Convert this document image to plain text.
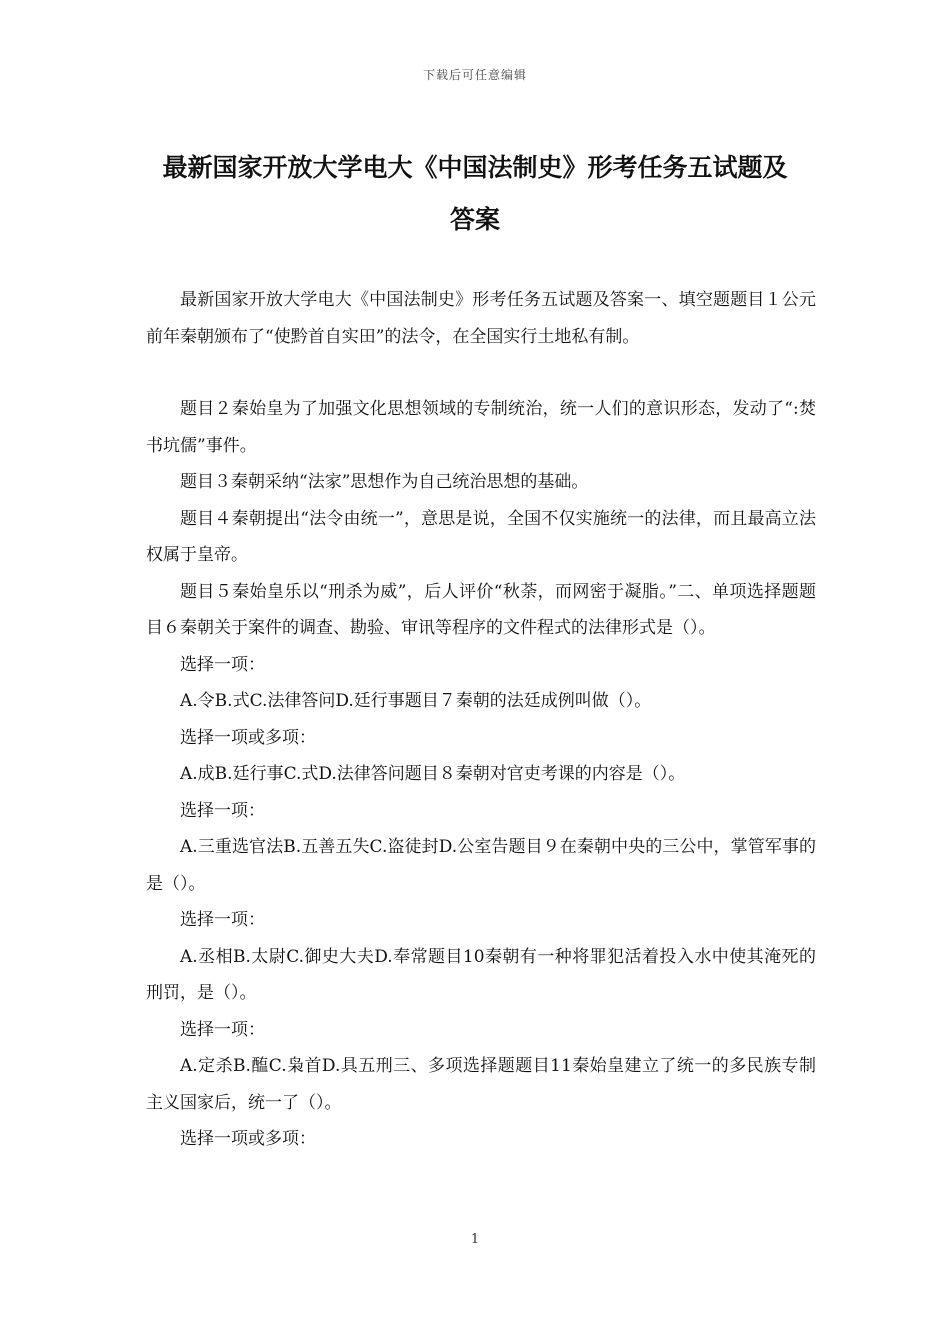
下载后可任意编辑
最新国家开放大学电大《中国法制史》形考任务五试题及
答案

最新国家开放大学电大《中国法制史》形考任务五试题及答案一、填空题题目１公元前年秦朝颁布了“使黔首自实田”的法令，在全国实行土地私有制。

题目２秦始皇为了加强文化思想领域的专制统治，统一人们的意识形态，发动了“:焚书坑儒”事件。

题目３秦朝采纳“法家”思想作为自己统治思想的基础。

题目４秦朝提出“法令由统一”，意思是说，全国不仅实施统一的法律，而且最高立法权属于皇帝。

题目５秦始皇乐以“刑杀为威”，后人评价“秋荼，而网密于凝脂。”二、单项选择题题目６秦朝关于案件的调查、勘验、审讯等程序的文件程式的法律形式是（）。

选择一项：

A.令B.式C.法律答问D.廷行事题目７秦朝的法廷成例叫做（）。

选择一项或多项：

A.成B.廷行事C.式D.法律答问题目８秦朝对官吏考课的内容是（）。

选择一项：

A.三重选官法B.五善五失C.盗徒封D.公室告题目９在秦朝中央的三公中，掌管军事的是（）。

选择一项：

A.丞相B.太尉C.御史大夫D.奉常题目10秦朝有一种将罪犯活着投入水中使其淹死的刑罚，是（）。

选择一项：

A.定杀B.醢C.枭首D.具五刑三、多项选择题题目11秦始皇建立了统一的多民族专制主义国家后，统一了（）。

选择一项或多项：

1
